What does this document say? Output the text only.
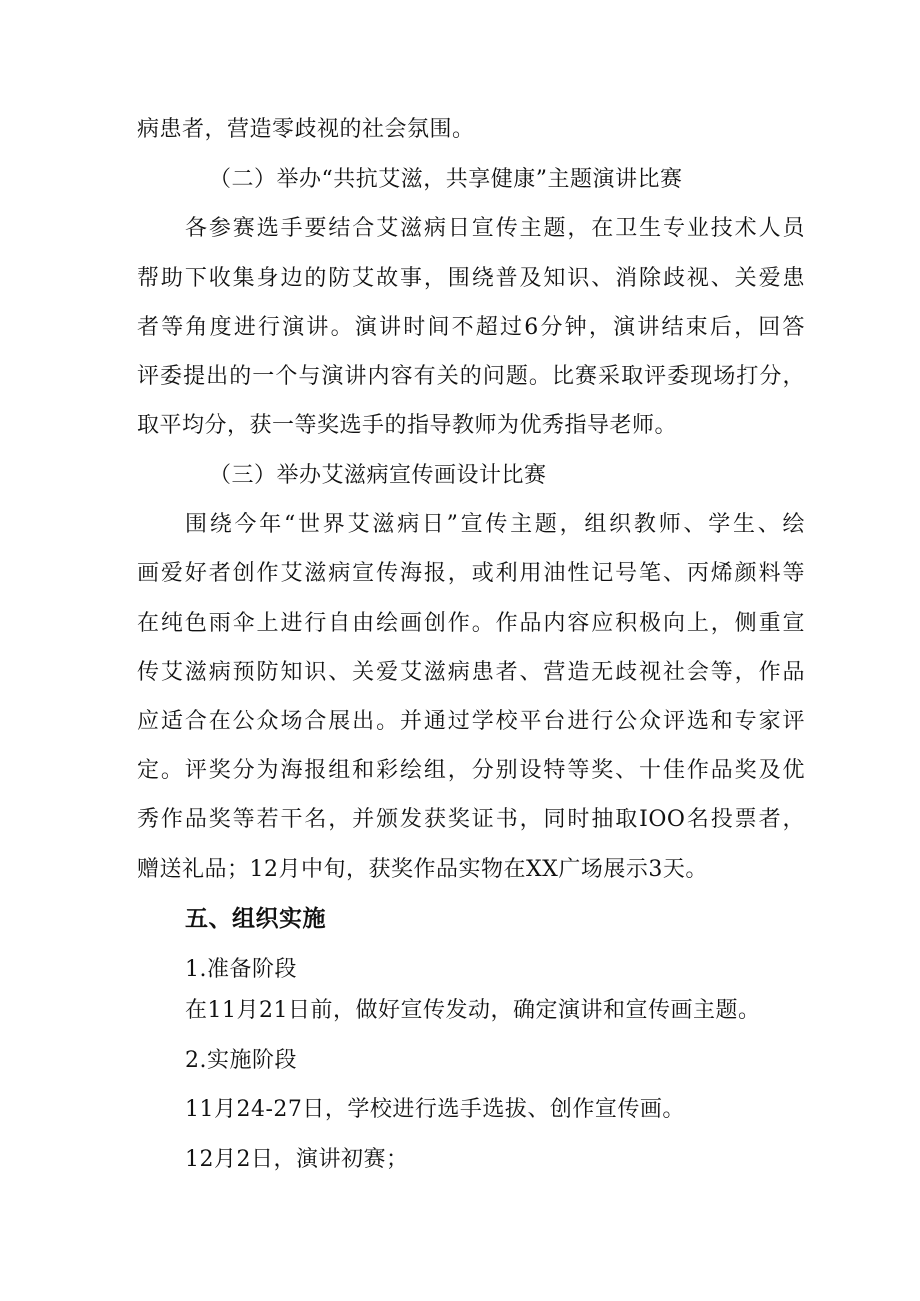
病患者，营造零歧视的社会氛围。
（二）举办“共抗艾滋，共享健康”主题演讲比赛
各参赛选手要结合艾滋病日宣传主题，在卫生专业技术人员
帮助下收集身边的防艾故事，围绕普及知识、消除歧视、关爱患
者等角度进行演讲。演讲时间不超过6分钟，演讲结束后，回答
评委提出的一个与演讲内容有关的问题。比赛采取评委现场打分，
取平均分，获一等奖选手的指导教师为优秀指导老师。
（三）举办艾滋病宣传画设计比赛
围绕今年“世界艾滋病日”宣传主题，组织教师、学生、绘
画爱好者创作艾滋病宣传海报，或利用油性记号笔、丙烯颜料等
在纯色雨伞上进行自由绘画创作。作品内容应积极向上，侧重宣
传艾滋病预防知识、关爱艾滋病患者、营造无歧视社会等，作品
应适合在公众场合展出。并通过学校平台进行公众评选和专家评
定。评奖分为海报组和彩绘组，分别设特等奖、十佳作品奖及优
秀作品奖等若干名，并颁发获奖证书，同时抽取IOO名投票者，
赠送礼品；12月中旬，获奖作品实物在XX广场展示3天。
五、组织实施
1.准备阶段
在11月21日前，做好宣传发动，确定演讲和宣传画主题。
2.实施阶段
11月24-27日，学校进行选手选拔、创作宣传画。
12月2日，演讲初赛；
